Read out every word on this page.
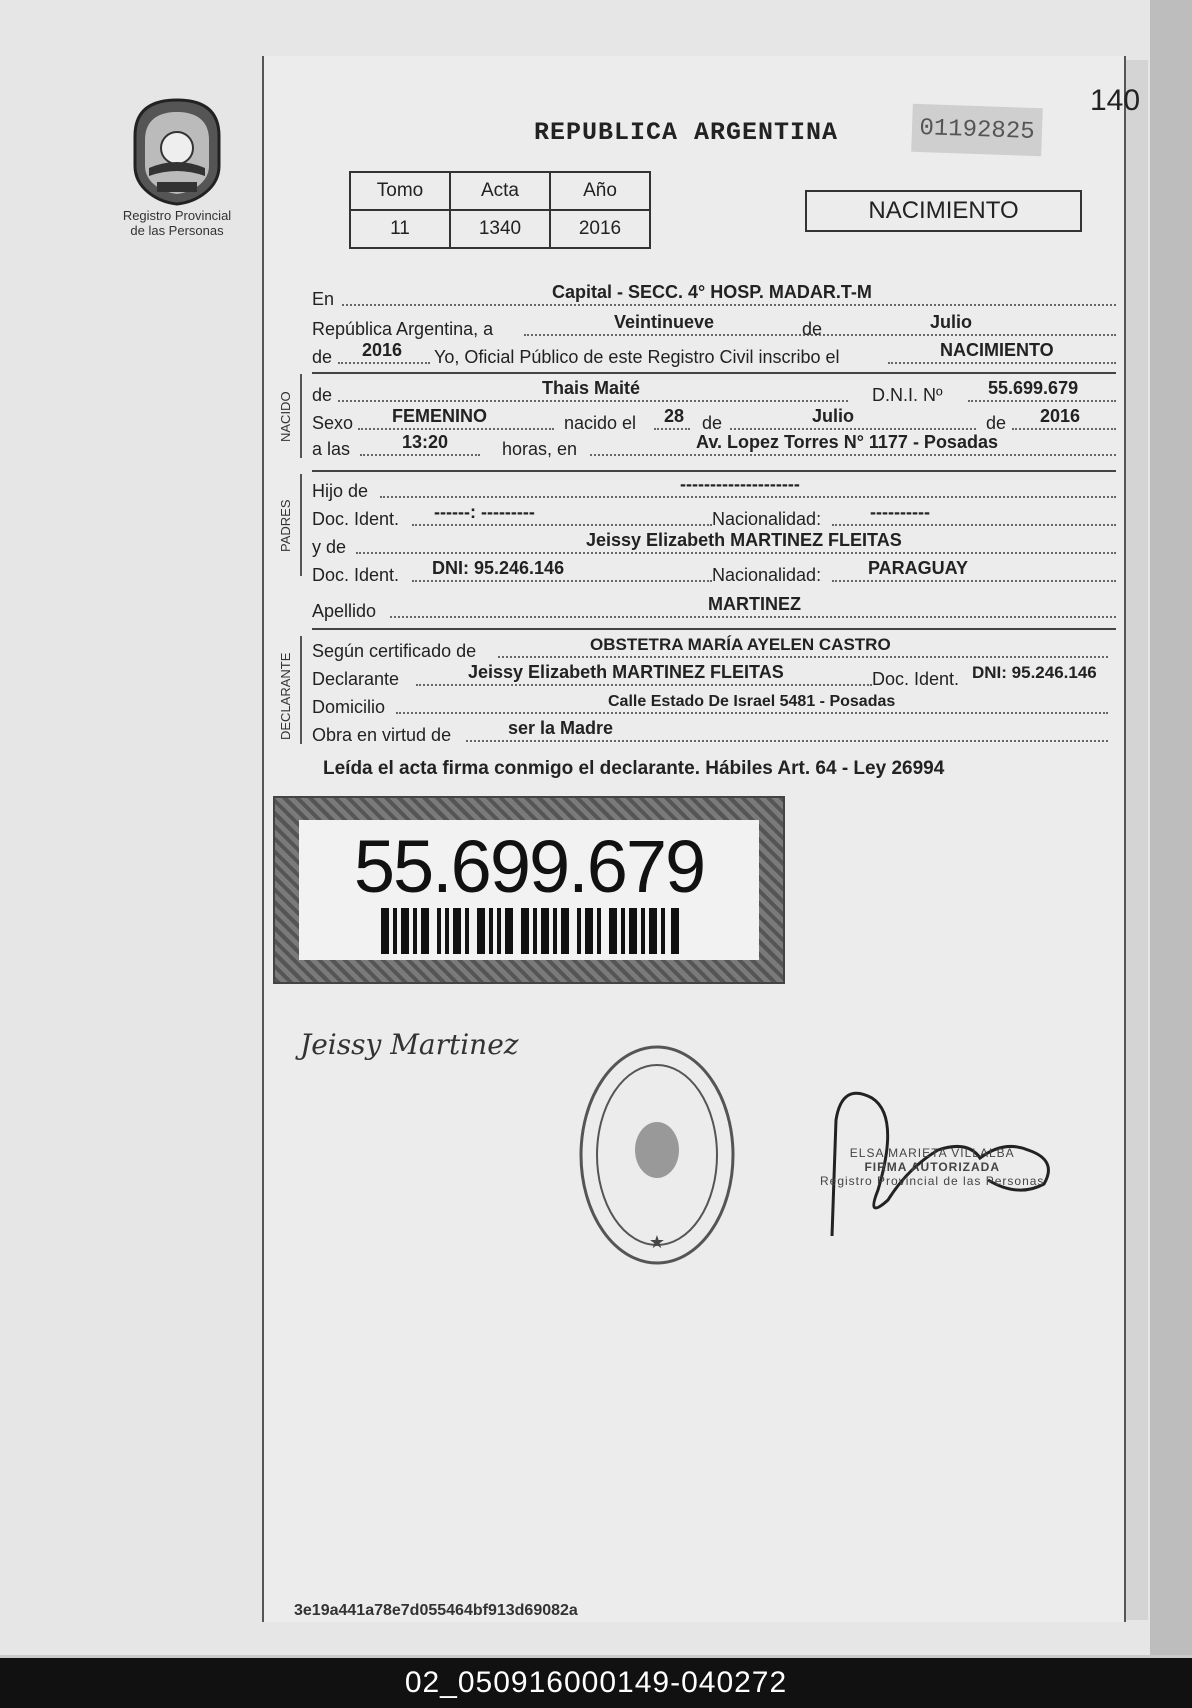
Registro Provincial
de las Personas
140
REPUBLICA ARGENTINA	01192825
Tomo	Acta	Año
11	1340	2016
NACIMIENTO
En	Capital - SECC. 4° HOSP. MADAR.T-M
República Argentina, a	Veintinueve	de	Julio
de 2016 Yo, Oficial Público de este Registro Civil inscribo el	NACIMIENTO
NACIDO de	Thais Maité	D.N.I. Nº	55.699.679
Sexo FEMENINO	nacido el 28 de	Julio	de 2016
a las	13:20	horas, en	Av. Lopez Torres N° 1177 - Posadas
PADRES
Hijo de	--------------------
Doc. Ident. ------: ---------	Nacionalidad:	----------
y de	Jeissy Elizabeth MARTINEZ FLEITAS
Doc. Ident. DNI: 95.246.146	Nacionalidad:	PARAGUAY
Apellido	MARTINEZ
DECLARANTE
Según certificado de	OBSTETRA MARÍA AYELEN CASTRO
Declarante	Jeissy Elizabeth MARTINEZ FLEITAS	Doc. Ident. DNI: 95.246.146
Domicilio	Calle Estado De Israel 5481 - Posadas
Obra en virtud de	ser la Madre
Leída el acta firma conmigo el declarante. Hábiles Art. 64 - Ley 26994
55.699.679
Jeissy Martinez
★
ELSA MARIETA VILLALBA
FIRMA AUTORIZADA
Registro Provincial de las Personas
3e19a441a78e7d055464bf913d69082a
02_050916000149-040272
